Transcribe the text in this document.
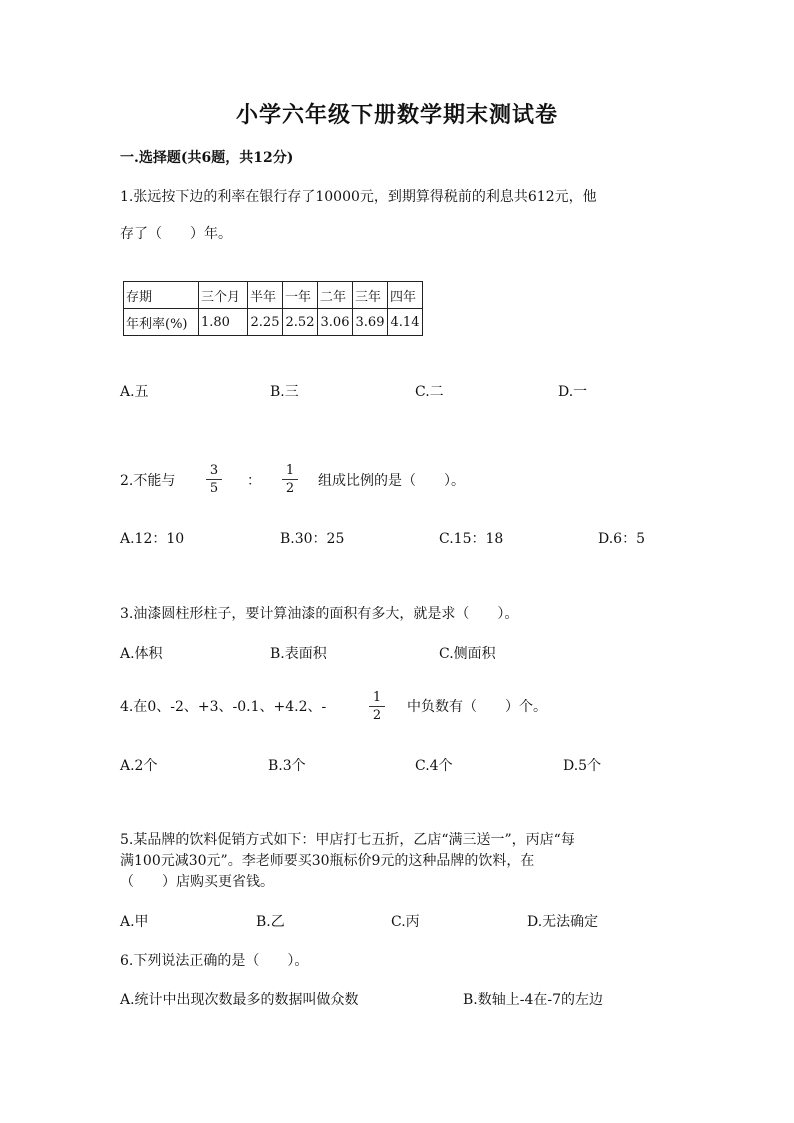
小学六年级下册数学期末测试卷
一.选择题(共6题，共12分)
1.张远按下边的利率在银行存了10000元，到期算得税前的利息共612元，他
存了（　　）年。
存期	三个月	半年	一年	二年	三年	四年
年利率(%)	1.80	2.25	2.52	3.06	3.69	4.14
A.五	B.三	C.二	D.一
2.不能与
3
5	：
1
2	组成比例的是（　　）。
A.12：10	B.30：25	C.15：18	D.6：5
3.油漆圆柱形柱子，要计算油漆的面积有多大，就是求（　　）。
A.体积	B.表面积	C.侧面积
4.在0、-2、+3、-0.1、+4.2、-
1
2
中负数有（　　）个。
A.2个	B.3个	C.4个	D.5个
5.某品牌的饮料促销方式如下：甲店打七五折，乙店“满三送一”，丙店“每
满100元减30元”。李老师要买30瓶标价9元的这种品牌的饮料，在
（　　）店购买更省钱。
A.甲	B.乙	C.丙	D.无法确定
6.下列说法正确的是（　　）。
A.统计中出现次数最多的数据叫做众数	B.数轴上-4在-7的左边
